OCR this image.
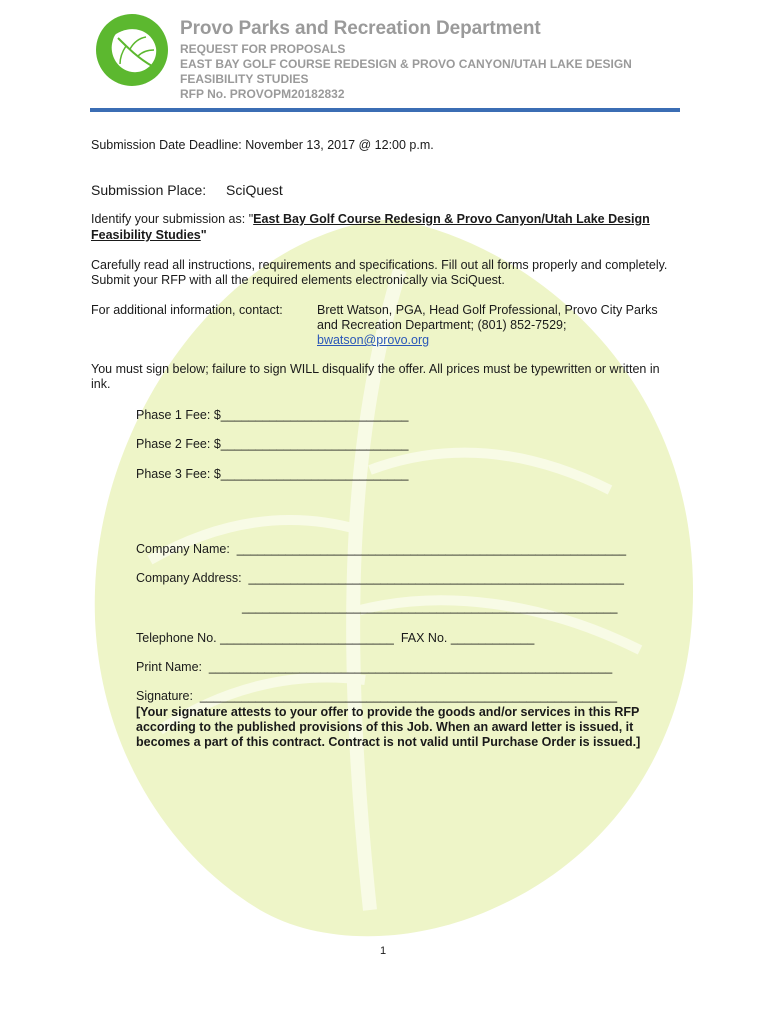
Provo Parks and Recreation Department
REQUEST FOR PROPOSALS
EAST BAY GOLF COURSE REDESIGN & PROVO CANYON/UTAH LAKE DESIGN
FEASIBILITY STUDIES
RFP No. PROVOPM20182832
Submission Date Deadline: November 13, 2017 @ 12:00 p.m.
Submission Place: SciQuest
Identify your submission as: "East Bay Golf Course Redesign & Provo Canyon/Utah Lake Design
Feasibility Studies"
Carefully read all instructions, requirements and specifications. Fill out all forms properly and completely.
Submit your RFP with all the required elements electronically via SciQuest.
For additional information, contact:	Brett Watson, PGA, Head Golf Professional, Provo City Parks
and Recreation Department; (801) 852-7529;
bwatson@provo.org
You must sign below; failure to sign WILL disqualify the offer. All prices must be typewritten or written in
ink.
Phase 1 Fee: $___________________________
Phase 2 Fee: $___________________________
Phase 3 Fee: $___________________________
Company Name:  ________________________________________________________
Company Address:  ______________________________________________________
______________________________________________________
Telephone No. _________________________  FAX No. ____________
Print Name:  __________________________________________________________
Signature:  ____________________________________________________________
[Your signature attests to your offer to provide the goods and/or services in this RFP
according to the published provisions of this Job. When an award letter is issued, it
becomes a part of this contract. Contract is not valid until Purchase Order is issued.]
1
